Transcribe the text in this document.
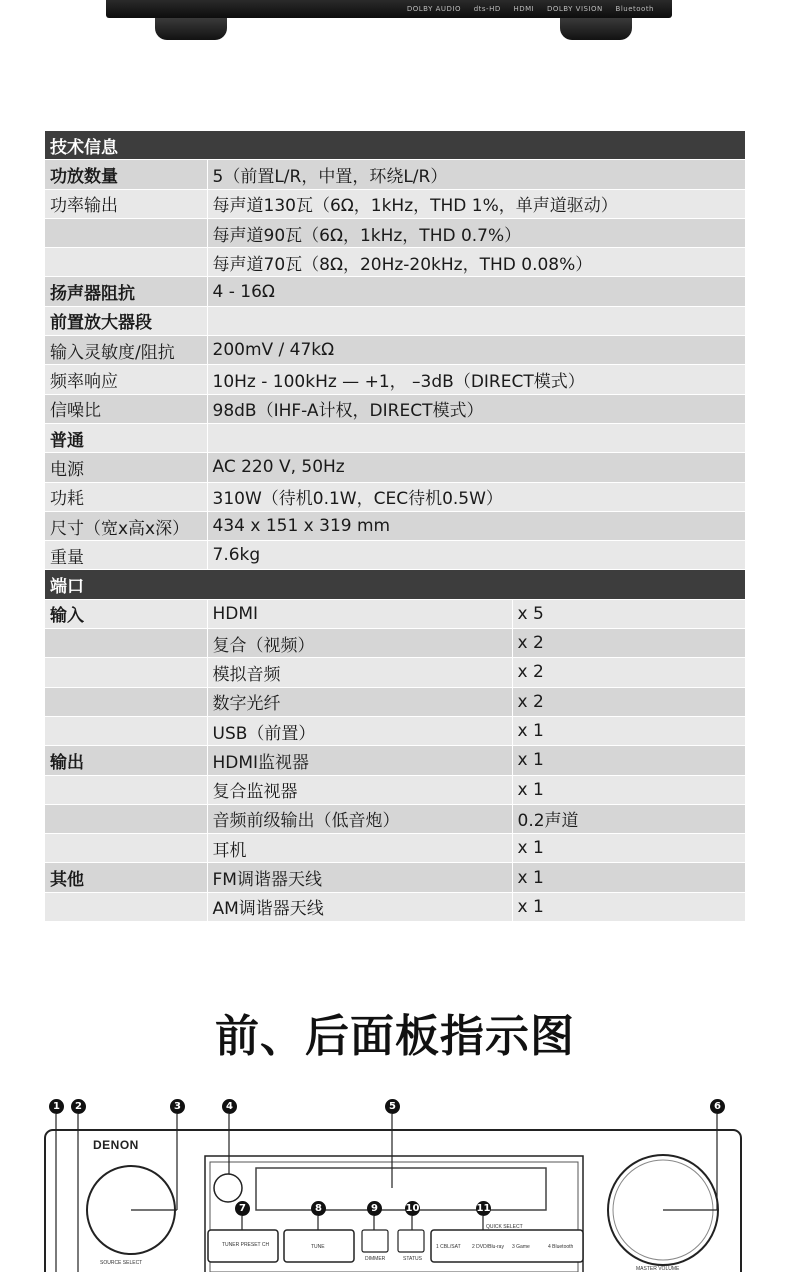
DOLBY AUDIO dts-HD HDMI DOLBY VISION Bluetooth
技术信息		
功放数量	5（前置L/R，中置，环绕L/R）	
功率输出	每声道130瓦（6Ω，1kHz，THD 1%，单声道驱动）	
	每声道90瓦（6Ω，1kHz，THD 0.7%）	
	每声道70瓦（8Ω，20Hz-20kHz，THD 0.08%）	
扬声器阻抗	4 - 16Ω	
前置放大器段		
输入灵敏度/阻抗	200mV / 47kΩ	
频率响应	10Hz - 100kHz — +1， –3dB（DIRECT模式）	
信噪比	98dB（IHF-A计权，DIRECT模式）	
普通		
电源	AC 220 V, 50Hz	
功耗	310W（待机0.1W，CEC待机0.5W）	
尺寸（宽x高x深）	434 x 151 x 319 mm	
重量	7.6kg	
端口		
输入	HDMI	x 5
	复合（视频）	x 2
	模拟音频	x 2
	数字光纤	x 2
	USB（前置）	x 1
输出	HDMI监视器	x 1
	复合监视器	x 1
	音频前级输出（低音炮）	0.2声道
	耳机	x 1
其他	FM调谐器天线	x 1
	AM调谐器天线	x 1
前、后面板指示图
DENON
1	2	3	4	5	6
7	8	9	10	11
SOURCE SELECT
MASTER VOLUME
TUNER PRESET CH	TUNE
DIMMER	STATUS
QUICK SELECT
1 CBL/SAT 2 DVD/Blu-ray 3 Game	4 Bluetooth
